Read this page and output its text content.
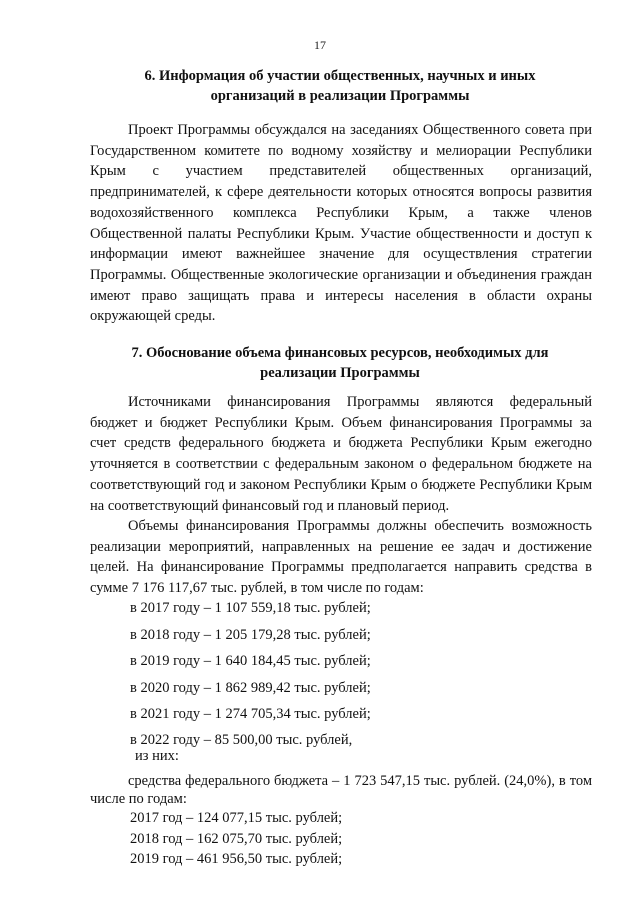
17
6. Информация об участии общественных, научных и иных
организаций в реализации Программы
Проект Программы обсуждался на заседаниях Общественного совета при Государственном комитете по водному хозяйству и мелиорации Республики Крым с участием представителей общественных организаций, предпринимателей, к сфере деятельности которых относятся вопросы развития водохозяйственного комплекса Республики Крым, а также членов Общественной палаты Республики Крым. Участие общественности и доступ к информации имеют важнейшее значение для осуществления стратегии Программы. Общественные экологические организации и объединения граждан имеют право защищать права и интересы населения в области охраны окружающей среды.
7. Обоснование объема финансовых ресурсов, необходимых для
реализации Программы
Источниками финансирования Программы являются федеральный бюджет и бюджет Республики Крым. Объем финансирования Программы за счет средств федерального бюджета и бюджета Республики Крым ежегодно уточняется в соответствии с федеральным законом о федеральном бюджете на соответствующий год и законом Республики Крым о бюджете Республики Крым на соответствующий финансовый год и плановый период.
Объемы финансирования Программы должны обеспечить возможность реализации мероприятий, направленных на решение ее задач и достижение целей. На финансирование Программы предполагается направить средства в сумме 7 176 117,67 тыс. рублей, в том числе по годам:
в 2017 году – 1 107 559,18 тыс. рублей;
в 2018 году – 1 205 179,28 тыс. рублей;
в 2019 году – 1 640 184,45 тыс. рублей;
в 2020 году – 1 862 989,42 тыс. рублей;
в 2021 году – 1 274 705,34 тыс. рублей;
в 2022 году – 85 500,00 тыс. рублей,
из них:
средства федерального бюджета – 1 723 547,15 тыс. рублей. (24,0%), в том числе по годам:
2017 год – 124 077,15 тыс. рублей;
2018 год – 162 075,70 тыс. рублей;
2019 год – 461 956,50 тыс. рублей;
